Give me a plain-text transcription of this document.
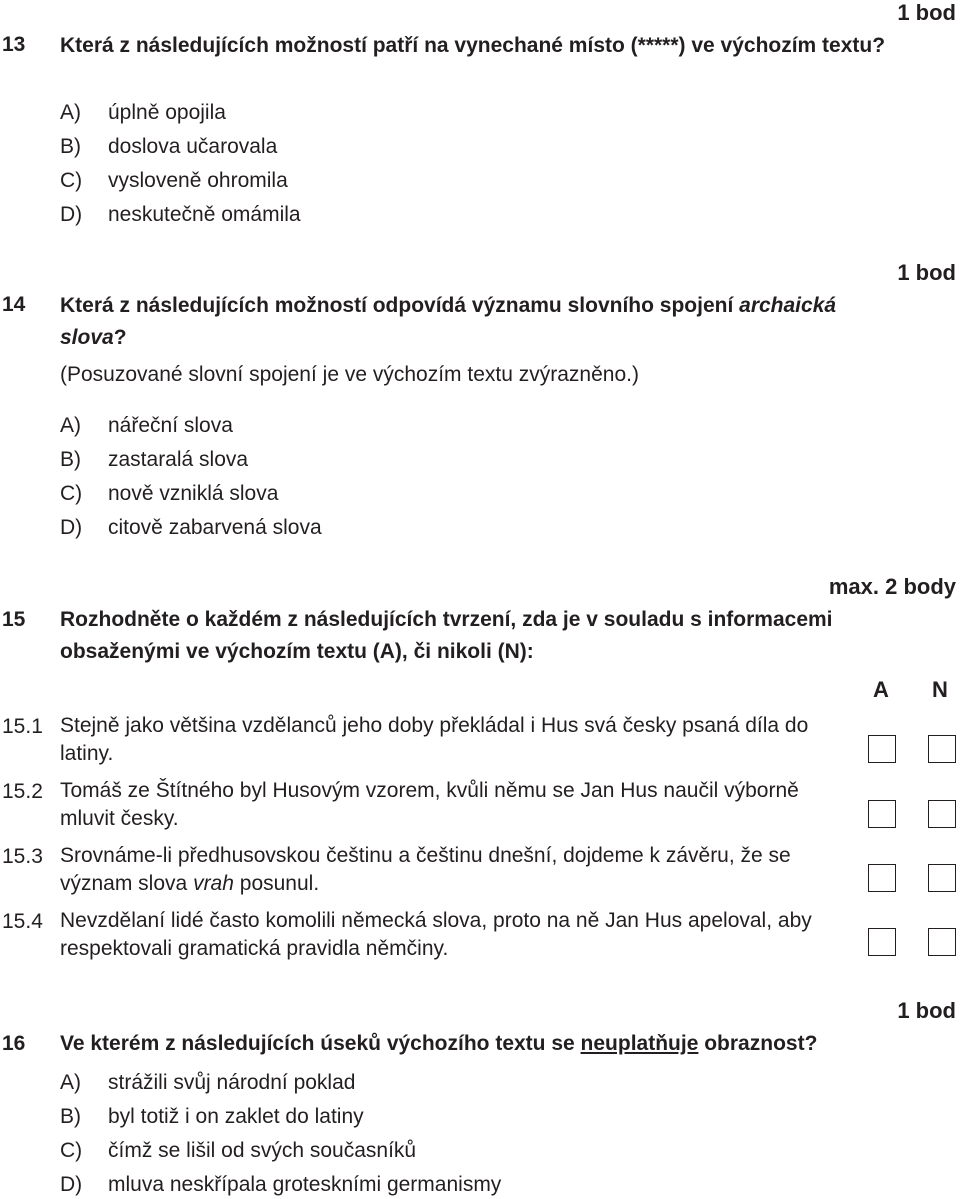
1 bod
13 Která z následujících možností patří na vynechané místo (*****) ve výchozím textu?
A) úplně opojila
B) doslova učarovala
C) vysloveně ohromila
D) neskutečně omámila
1 bod
14 Která z následujících možností odpovídá významu slovního spojení archaická slova?
(Posuzované slovní spojení je ve výchozím textu zvýrazněno.)
A) nářeční slova
B) zastaralá slova
C) nově vzniklá slova
D) citově zabarvená slova
max. 2 body
15 Rozhodněte o každém z následujících tvrzení, zda je v souladu s informacemi obsaženými ve výchozím textu (A), či nikoli (N):
A N
15.1 Stejně jako většina vzdělanců jeho doby překládal i Hus svá česky psaná díla do latiny.
15.2 Tomáš ze Štítného byl Husovým vzorem, kvůli němu se Jan Hus naučil výborně mluvit česky.
15.3 Srovnáme-li předhusovskou češtinu a češtinu dnešní, dojdeme k závěru, že se význam slova vrah posunul.
15.4 Nevzdělaní lidé často komolili německá slova, proto na ně Jan Hus apeloval, aby respektovali gramatická pravidla němčiny.
1 bod
16 Ve kterém z následujících úseků výchozího textu se neuplatňuje obraznost?
A) strážili svůj národní poklad
B) byl totiž i on zaklet do latiny
C) čímž se lišil od svých současníků
D) mluva neskřípala groteskními germanismy
